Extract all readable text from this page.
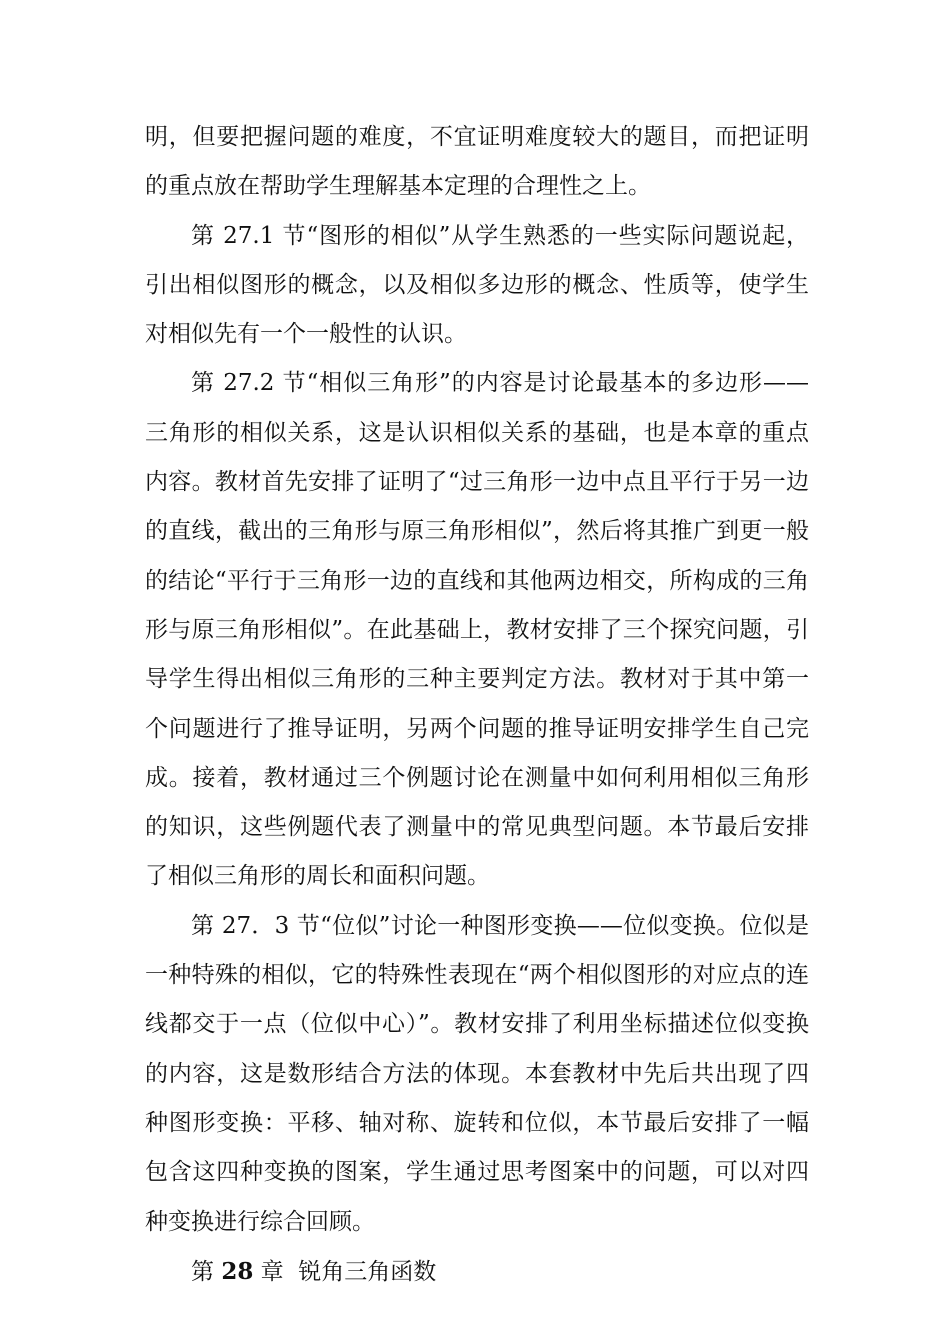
明，但要把握问题的难度，不宜证明难度较大的题目，而把证明的重点放在帮助学生理解基本定理的合理性之上。

第 27.1 节“图形的相似”从学生熟悉的一些实际问题说起，引出相似图形的概念，以及相似多边形的概念、性质等，使学生对相似先有一个一般性的认识。

第 27.2 节“相似三角形”的内容是讨论最基本的多边形——三角形的相似关系，这是认识相似关系的基础，也是本章的重点内容。教材首先安排了证明了“过三角形一边中点且平行于另一边的直线，截出的三角形与原三角形相似”，然后将其推广到更一般的结论“平行于三角形一边的直线和其他两边相交，所构成的三角形与原三角形相似”。在此基础上，教材安排了三个探究问题，引导学生得出相似三角形的三种主要判定方法。教材对于其中第一个问题进行了推导证明，另两个问题的推导证明安排学生自己完成。接着，教材通过三个例题讨论在测量中如何利用相似三角形的知识，这些例题代表了测量中的常见典型问题。本节最后安排了相似三角形的周长和面积问题。

第 27．3 节“位似”讨论一种图形变换——位似变换。位似是一种特殊的相似，它的特殊性表现在“两个相似图形的对应点的连线都交于一点（位似中心）”。教材安排了利用坐标描述位似变换的内容，这是数形结合方法的体现。本套教材中先后共出现了四种图形变换：平移、轴对称、旋转和位似，本节最后安排了一幅包含这四种变换的图案，学生通过思考图案中的问题，可以对四种变换进行综合回顾。

第 28 章  锐角三角函数
